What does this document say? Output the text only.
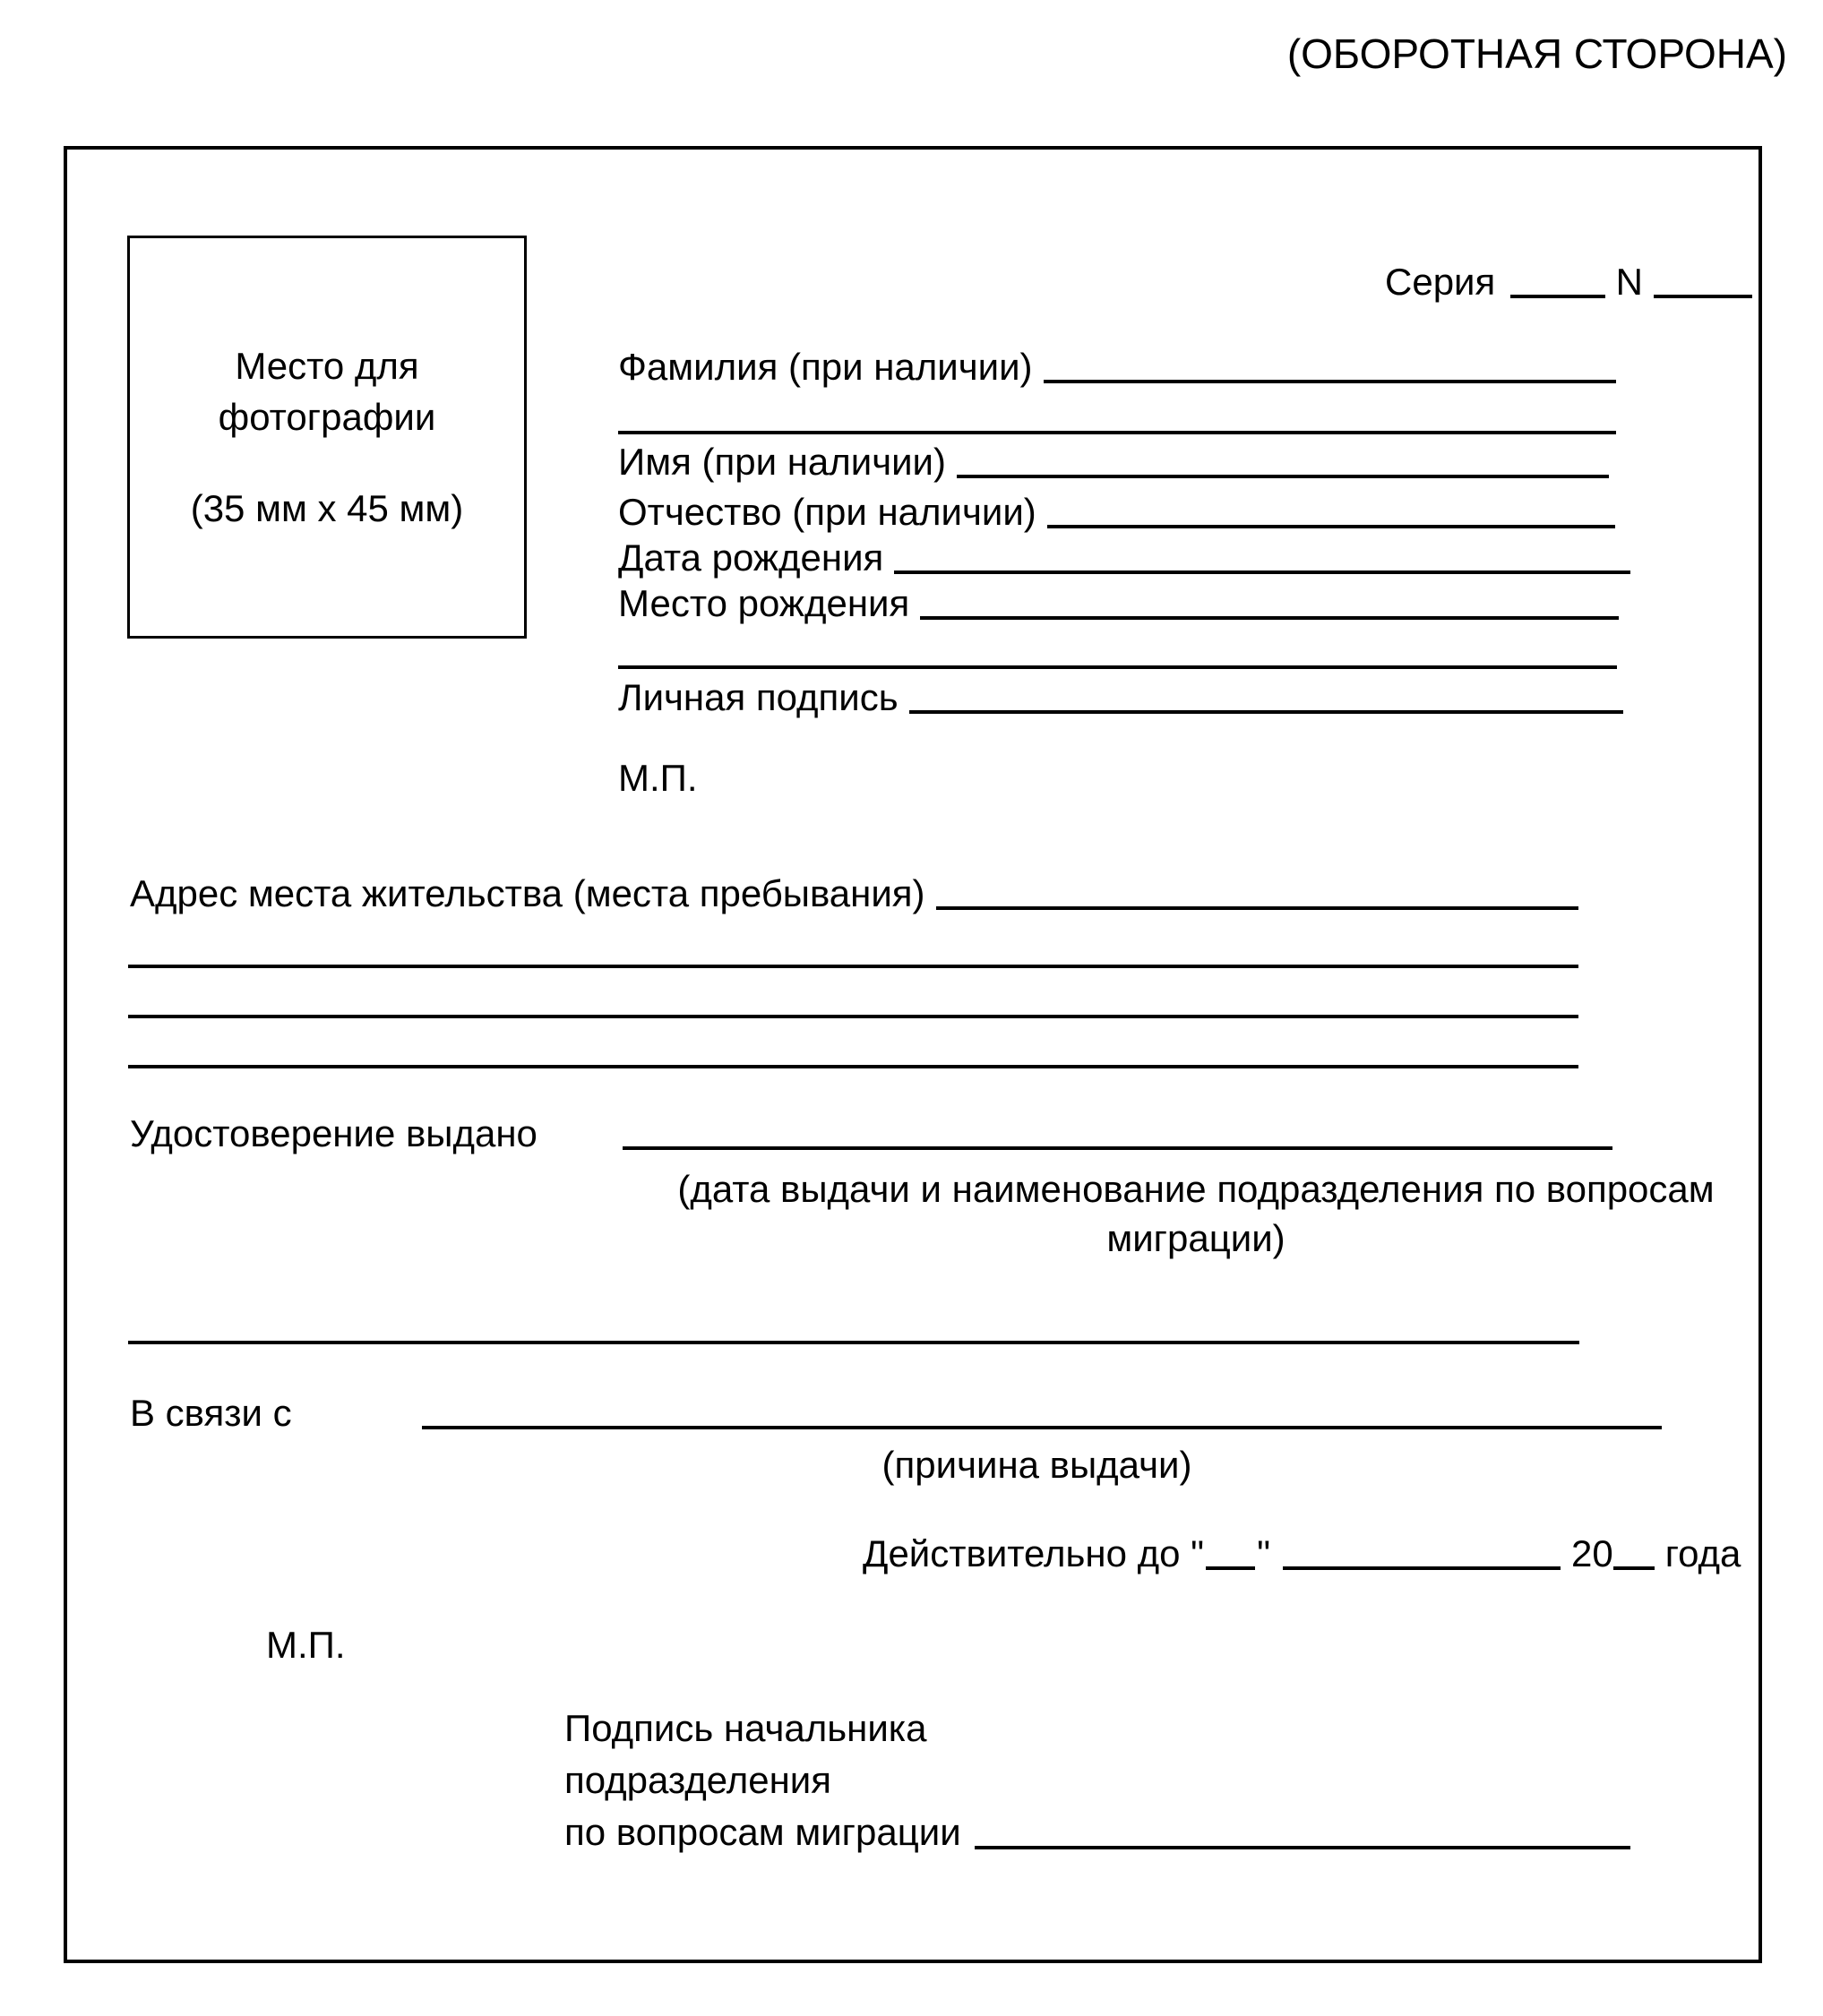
(ОБОРОТНАЯ СТОРОНА)
Место для
фотографии
(35 мм x 45 мм)
Серия	N
Фамилия (при наличии)
Имя (при наличии)
Отчество (при наличии)
Дата рождения
Место рождения
Личная подпись
М.П.
Адрес места жительства (места пребывания)
Удостоверение выдано
(дата выдачи и наименование подразделения по вопросам
миграции)
В связи с
(причина выдачи)
Действительно до " "	20 года
М.П.
Подпись начальника
подразделения
по вопросам миграции
